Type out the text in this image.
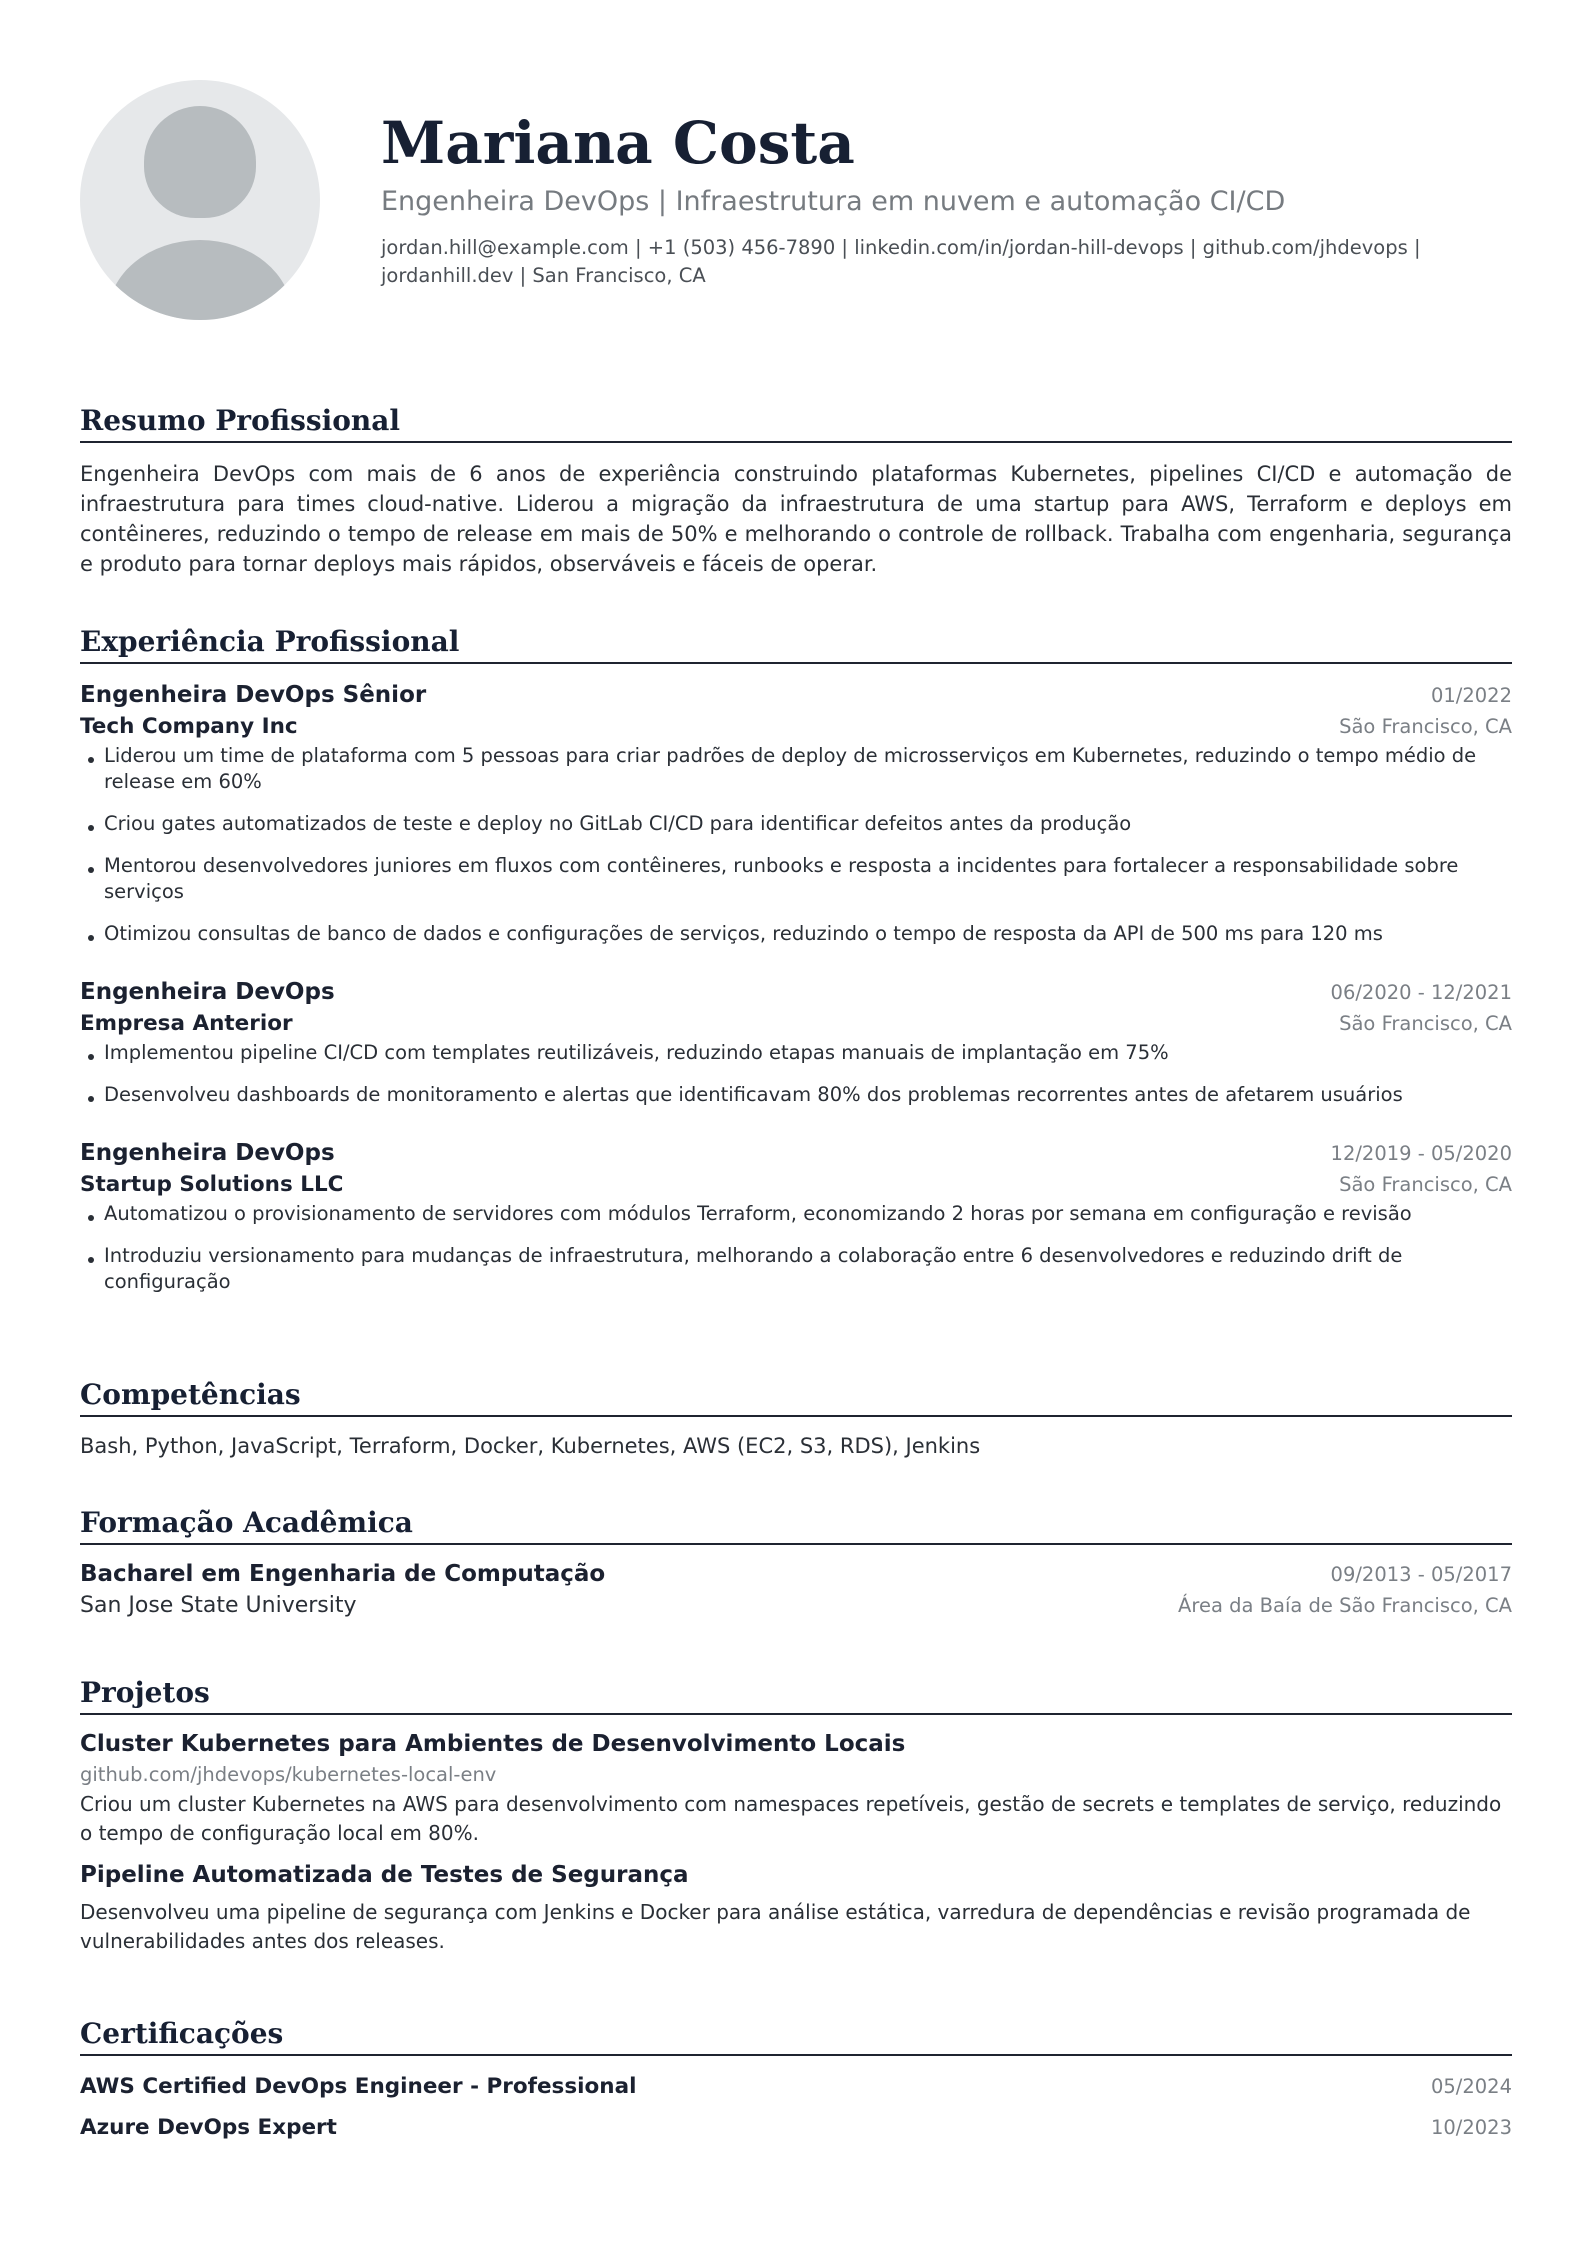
Mariana Costa
Engenheira DevOps | Infraestrutura em nuvem e automação CI/CD
jordan.hill@example.com | +1 (503) 456-7890 | linkedin.com/in/jordan-hill-devops | github.com/jhdevops |
jordanhill.dev | San Francisco, CA
Resumo Profissional
Engenheira DevOps com mais de 6 anos de experiência construindo plataformas Kubernetes, pipelines CI/CD e automação de infraestrutura para times cloud-native. Liderou a migração da infraestrutura de uma startup para AWS, Terraform e deploys em contêineres, reduzindo o tempo de release em mais de 50% e melhorando o controle de rollback. Trabalha com engenharia, segurança e produto para tornar deploys mais rápidos, observáveis e fáceis de operar.
Experiência Profissional
Engenheira DevOps Sênior	01/2022
Tech Company Inc	São Francisco, CA
Liderou um time de plataforma com 5 pessoas para criar padrões de deploy de microsserviços em Kubernetes, reduzindo o tempo médio de release em 60%
Criou gates automatizados de teste e deploy no GitLab CI/CD para identificar defeitos antes da produção
Mentorou desenvolvedores juniores em fluxos com contêineres, runbooks e resposta a incidentes para fortalecer a responsabilidade sobre serviços
Otimizou consultas de banco de dados e configurações de serviços, reduzindo o tempo de resposta da API de 500 ms para 120 ms
Engenheira DevOps	06/2020 - 12/2021
Empresa Anterior	São Francisco, CA
Implementou pipeline CI/CD com templates reutilizáveis, reduzindo etapas manuais de implantação em 75%
Desenvolveu dashboards de monitoramento e alertas que identificavam 80% dos problemas recorrentes antes de afetarem usuários
Engenheira DevOps	12/2019 - 05/2020
Startup Solutions LLC	São Francisco, CA
Automatizou o provisionamento de servidores com módulos Terraform, economizando 2 horas por semana em configuração e revisão
Introduziu versionamento para mudanças de infraestrutura, melhorando a colaboração entre 6 desenvolvedores e reduzindo drift de configuração
Competências
Bash, Python, JavaScript, Terraform, Docker, Kubernetes, AWS (EC2, S3, RDS), Jenkins
Formação Acadêmica
Bacharel em Engenharia de Computação	09/2013 - 05/2017
San Jose State University	Área da Baía de São Francisco, CA
Projetos
Cluster Kubernetes para Ambientes de Desenvolvimento Locais
github.com/jhdevops/kubernetes-local-env
Criou um cluster Kubernetes na AWS para desenvolvimento com namespaces repetíveis, gestão de secrets e templates de serviço, reduzindo o tempo de configuração local em 80%.
Pipeline Automatizada de Testes de Segurança
Desenvolveu uma pipeline de segurança com Jenkins e Docker para análise estática, varredura de dependências e revisão programada de vulnerabilidades antes dos releases.
Certificações
AWS Certified DevOps Engineer - Professional	05/2024
Azure DevOps Expert	10/2023
